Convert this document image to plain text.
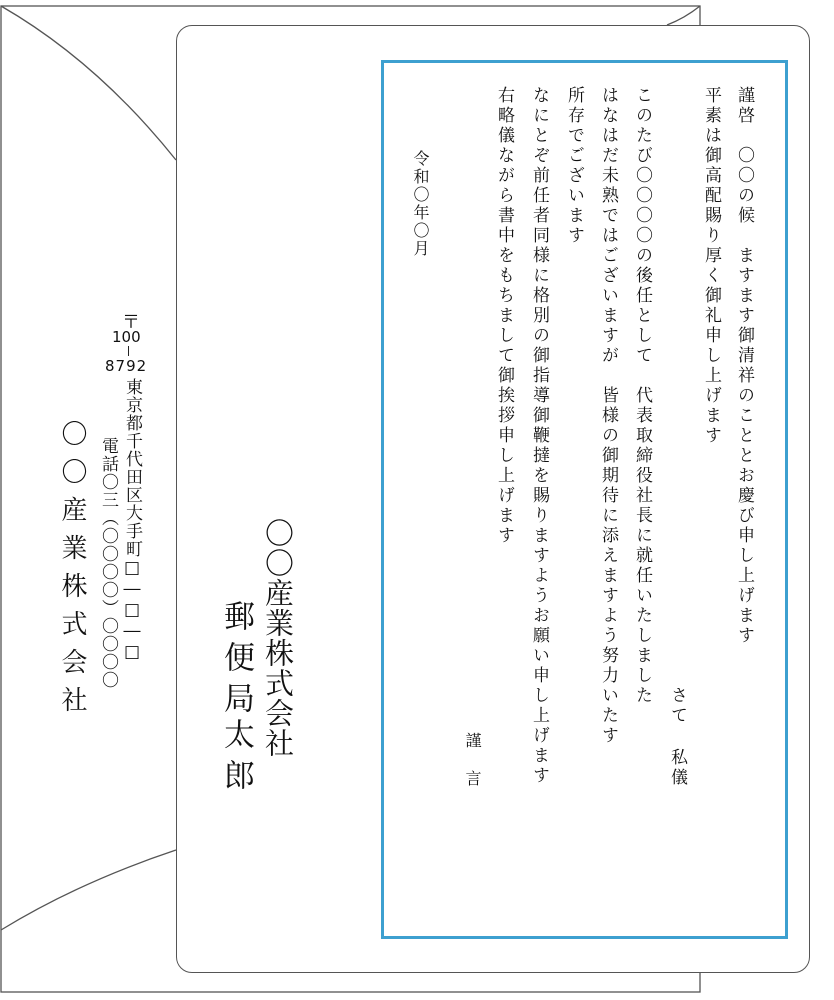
謹啓　〇〇の候　ますます御清祥のこととお慶び申し上げます
平素は御高配賜り厚く御礼申し上げます
さて
私儀
このたび〇〇〇〇の後任として　代表取締役社長に就任いたしました
はなはだ未熟ではございますが　皆様の御期待に添えますよう努力いたす
所存でございます
なにとぞ前任者同様に格別の御指導御鞭撻を賜りますようお願い申し上げます
右略儀ながら書中をもちまして御挨拶申し上げます
謹
言
令和〇年〇月
〇〇産業株式会社
郵便局
太郎
〒
100
8792
東京都千代田区大手町□―□―□
電話〇三（〇〇〇〇）〇〇〇〇
〇〇産業株式会社
